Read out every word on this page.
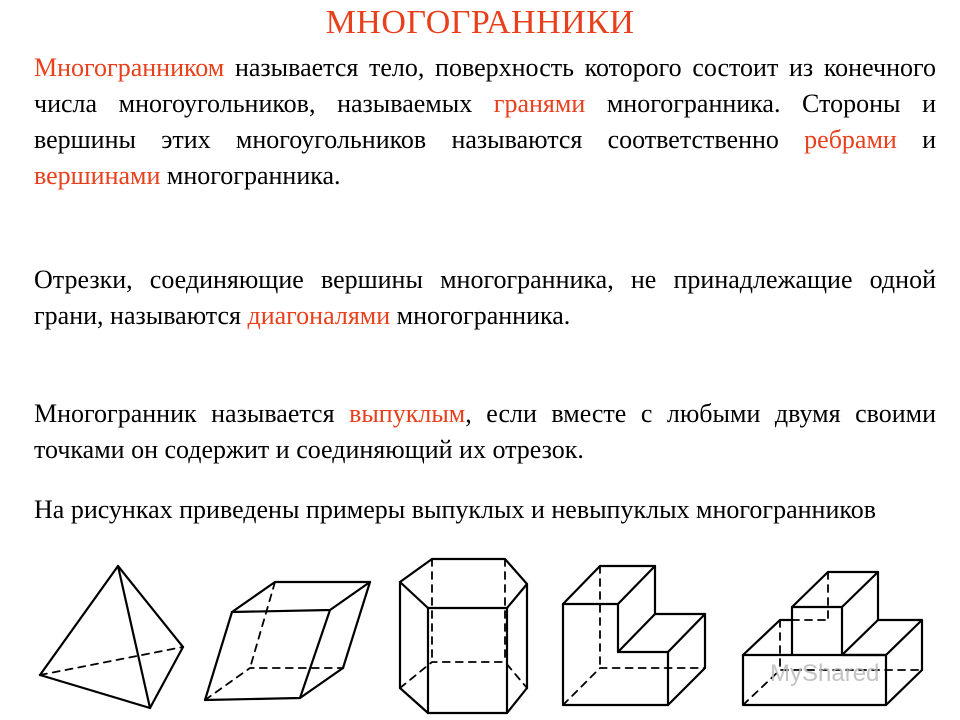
МНОГОГРАННИКИ

Многогранником называется тело, поверхность которого состоит из конечного числа многоугольников, называемых гранями многогранника. Стороны и вершины этих многоугольников называются соответственно ребрами и вершинами многогранника.

Отрезки, соединяющие вершины многогранника, не принадлежащие одной грани, называются диагоналями многогранника.

Многогранник называется выпуклым, если вместе с любыми двумя своими точками он содержит и соединяющий их отрезок.

На рисунках приведены примеры выпуклых и невыпуклых многогранников

MyShared
